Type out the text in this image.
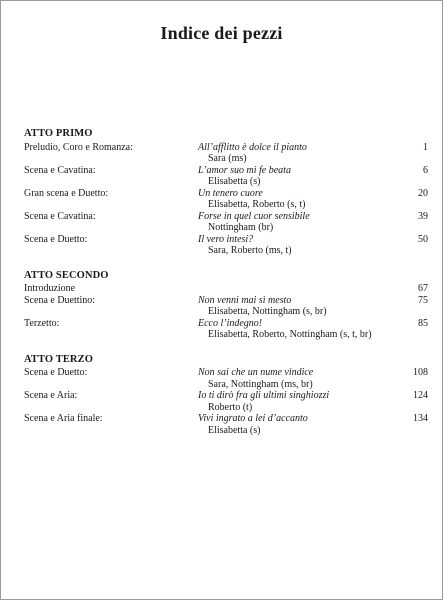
Indice dei pezzi
ATTO PRIMO
Preludio, Coro e Romanza:	All’afflitto è dolce il pianto	1
Sara (ms)
Scena e Cavatina:	L’amor suo mi fe beata	6
Elisabetta (s)
Gran scena e Duetto:	Un tenero cuore	20
Elisabetta, Roberto (s, t)
Scena e Cavatina:	Forse in quel cuor sensibile	39
Nottingham (br)
Scena e Duetto:	Il vero intesi?	50
Sara, Roberto (ms, t)
ATTO SECONDO
Introduzione	67
Scena e Duettino:	Non venni mai sì mesto	75
Elisabetta, Nottingham (s, br)
Terzetto:	Ecco l’indegno!	85
Elisabetta, Roberto, Nottingham (s, t, br)
ATTO TERZO
Scena e Duetto:	Non sai che un nume vindice	108
Sara, Nottingham (ms, br)
Scena e Aria:	Io ti dirò fra gli ultimi singhiozzi	124
Roberto (t)
Scena e Aria finale:	Vivi ingrato a lei d’accanto	134
Elisabetta (s)
